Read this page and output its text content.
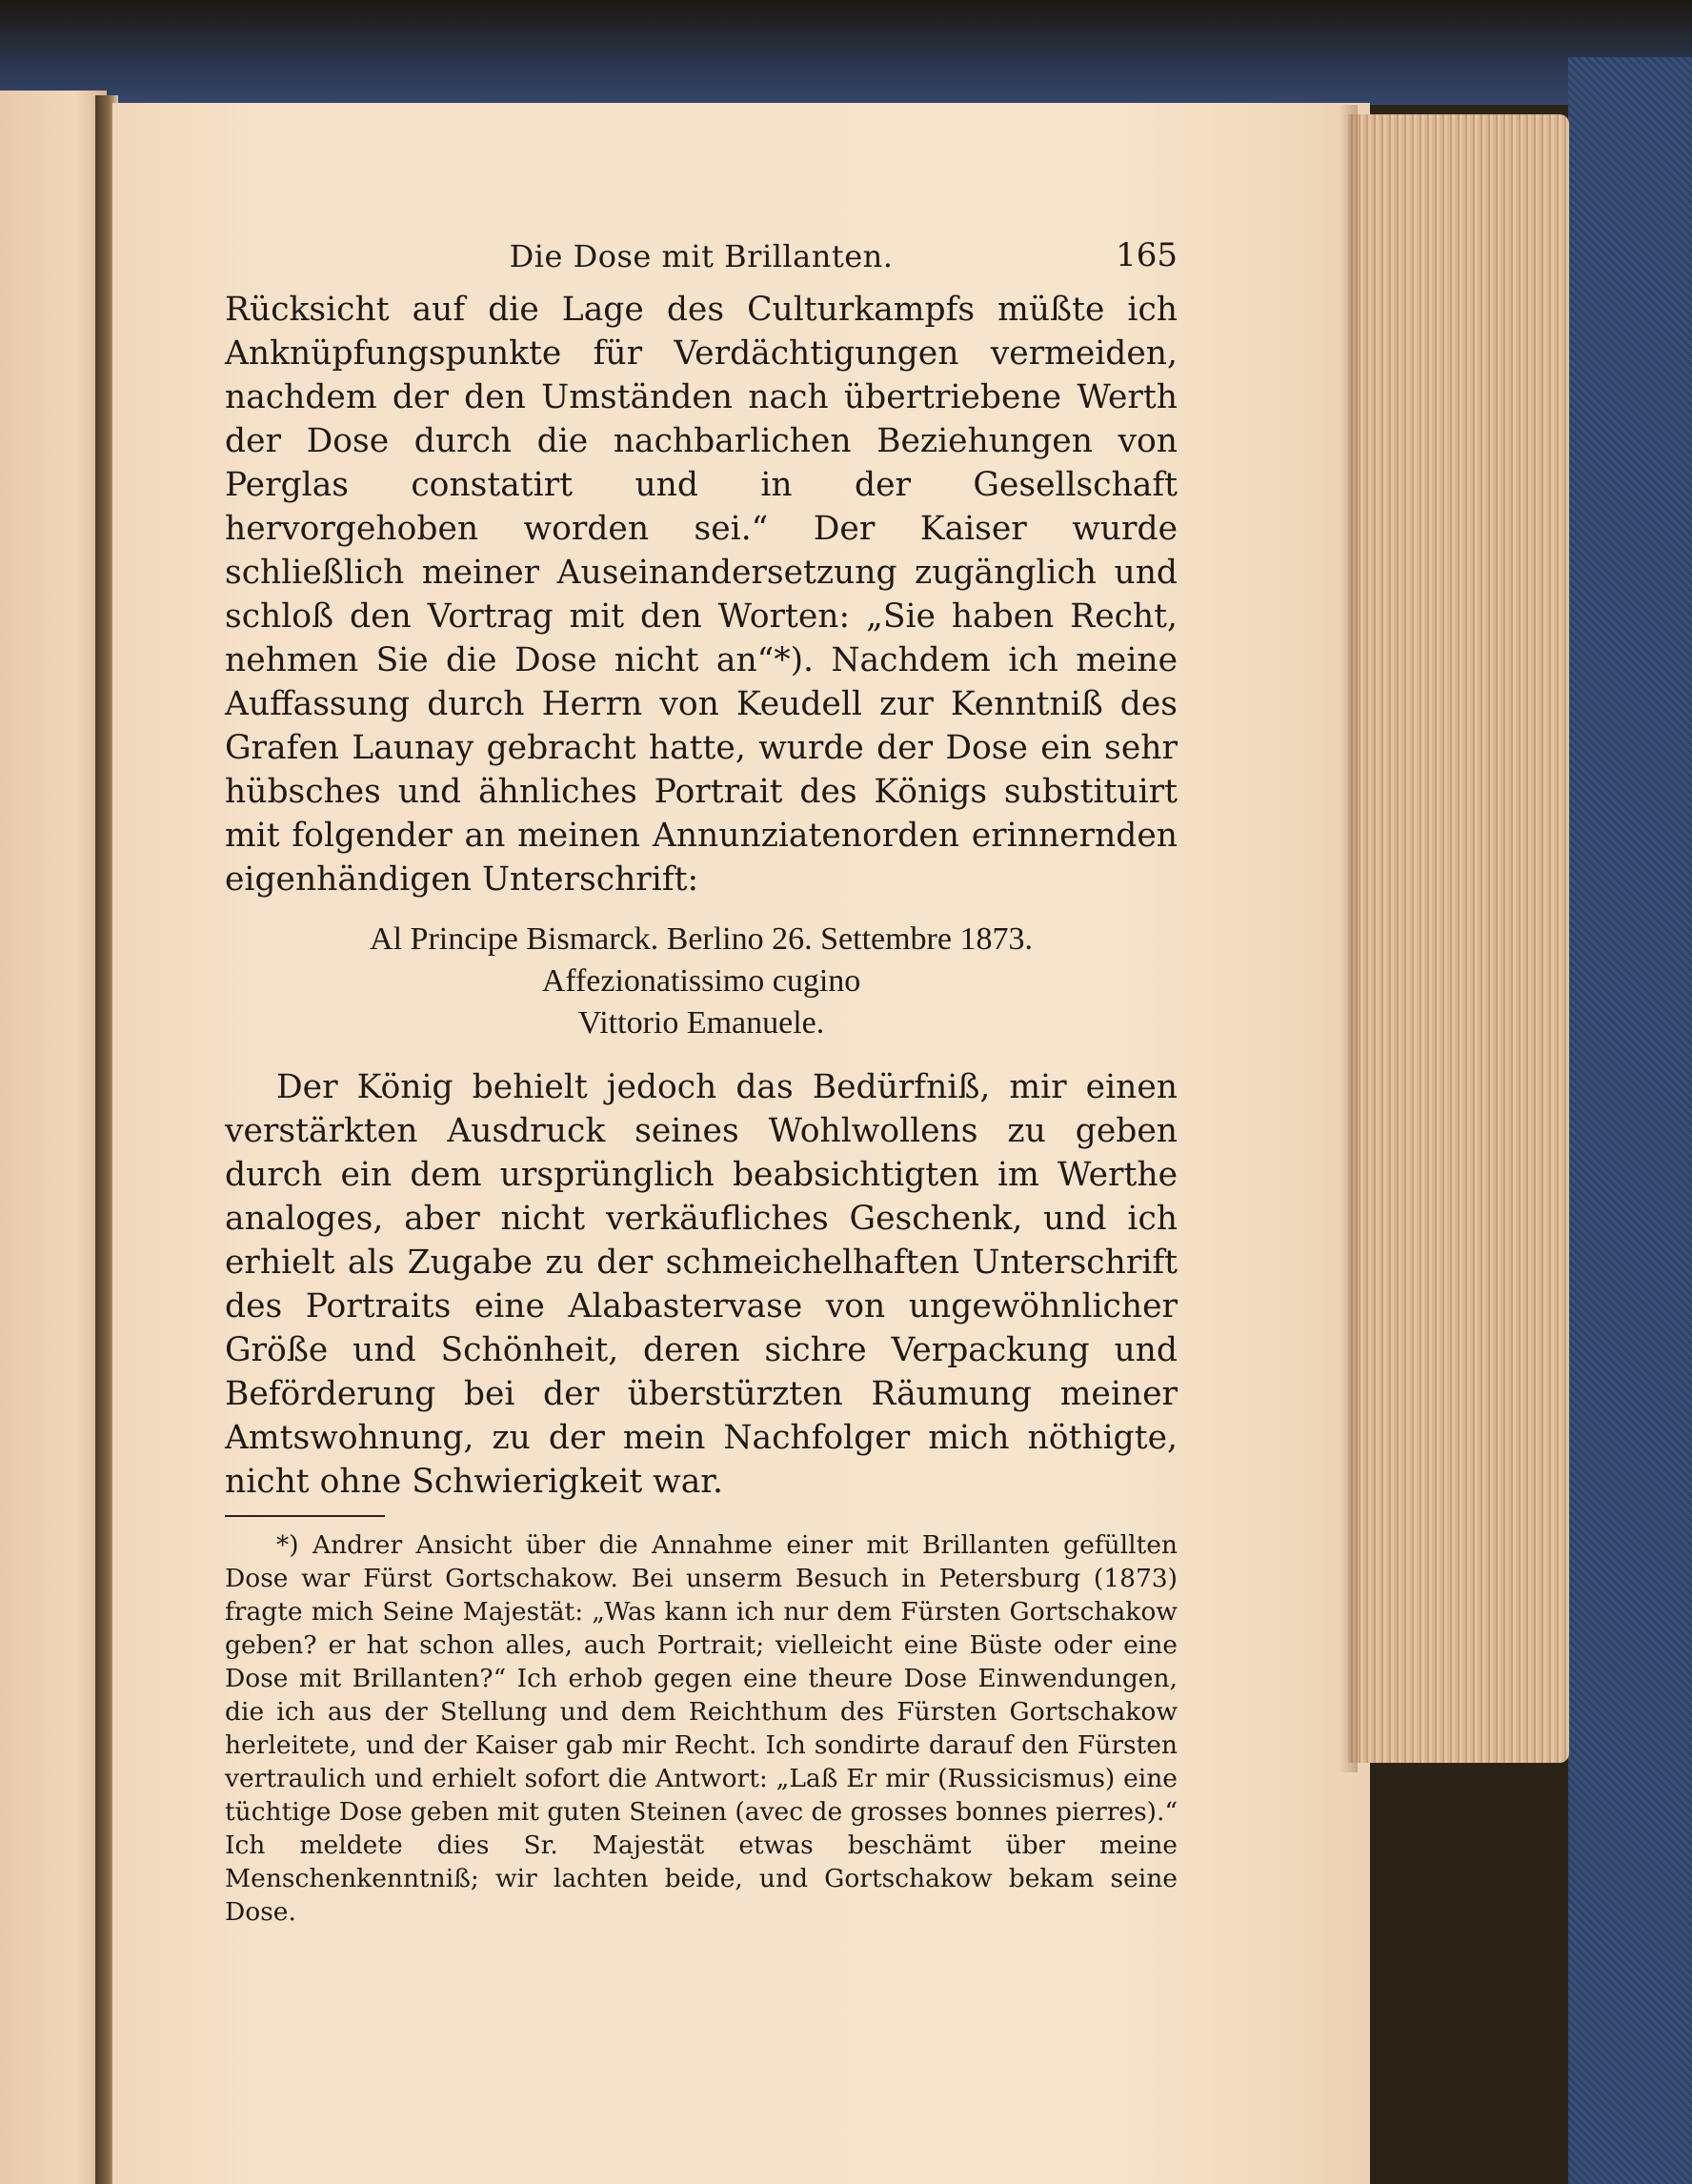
Die Dose mit Brillanten.	165

Rücksicht auf die Lage des Culturkampfs müßte ich Anknüpfungspunkte für Verdächtigungen vermeiden, nachdem der den Umständen nach übertriebene Werth der Dose durch die nachbarlichen Beziehungen von Perglas constatirt und in der Gesellschaft hervorgehoben worden sei.“ Der Kaiser wurde schließlich meiner Auseinandersetzung zugänglich und schloß den Vortrag mit den Worten: „Sie haben Recht, nehmen Sie die Dose nicht an“*). Nachdem ich meine Auffassung durch Herrn von Keudell zur Kenntniß des Grafen Launay gebracht hatte, wurde der Dose ein sehr hübsches und ähnliches Portrait des Königs substituirt mit folgender an meinen Annunziatenorden erinnernden eigenhändigen Unterschrift:

Al Principe Bismarck. Berlino 26. Settembre 1873.
Affezionatissimo cugino
Vittorio Emanuele.

Der König behielt jedoch das Bedürfniß, mir einen verstärkten Ausdruck seines Wohlwollens zu geben durch ein dem ursprünglich beabsichtigten im Werthe analoges, aber nicht verkäufliches Geschenk, und ich erhielt als Zugabe zu der schmeichelhaften Unterschrift des Portraits eine Alabastervase von ungewöhnlicher Größe und Schönheit, deren sichre Verpackung und Beförderung bei der überstürzten Räumung meiner Amtswohnung, zu der mein Nachfolger mich nöthigte, nicht ohne Schwierigkeit war.

*) Andrer Ansicht über die Annahme einer mit Brillanten gefüllten Dose war Fürst Gortschakow. Bei unserm Besuch in Petersburg (1873) fragte mich Seine Majestät: „Was kann ich nur dem Fürsten Gortschakow geben? er hat schon alles, auch Portrait; vielleicht eine Büste oder eine Dose mit Brillanten?“ Ich erhob gegen eine theure Dose Einwendungen, die ich aus der Stellung und dem Reichthum des Fürsten Gortschakow herleitete, und der Kaiser gab mir Recht. Ich sondirte darauf den Fürsten vertraulich und erhielt sofort die Antwort: „Laß Er mir (Russicismus) eine tüchtige Dose geben mit guten Steinen (avec de grosses bonnes pierres).“ Ich meldete dies Sr. Majestät etwas beschämt über meine Menschenkenntniß; wir lachten beide, und Gortschakow bekam seine Dose.
